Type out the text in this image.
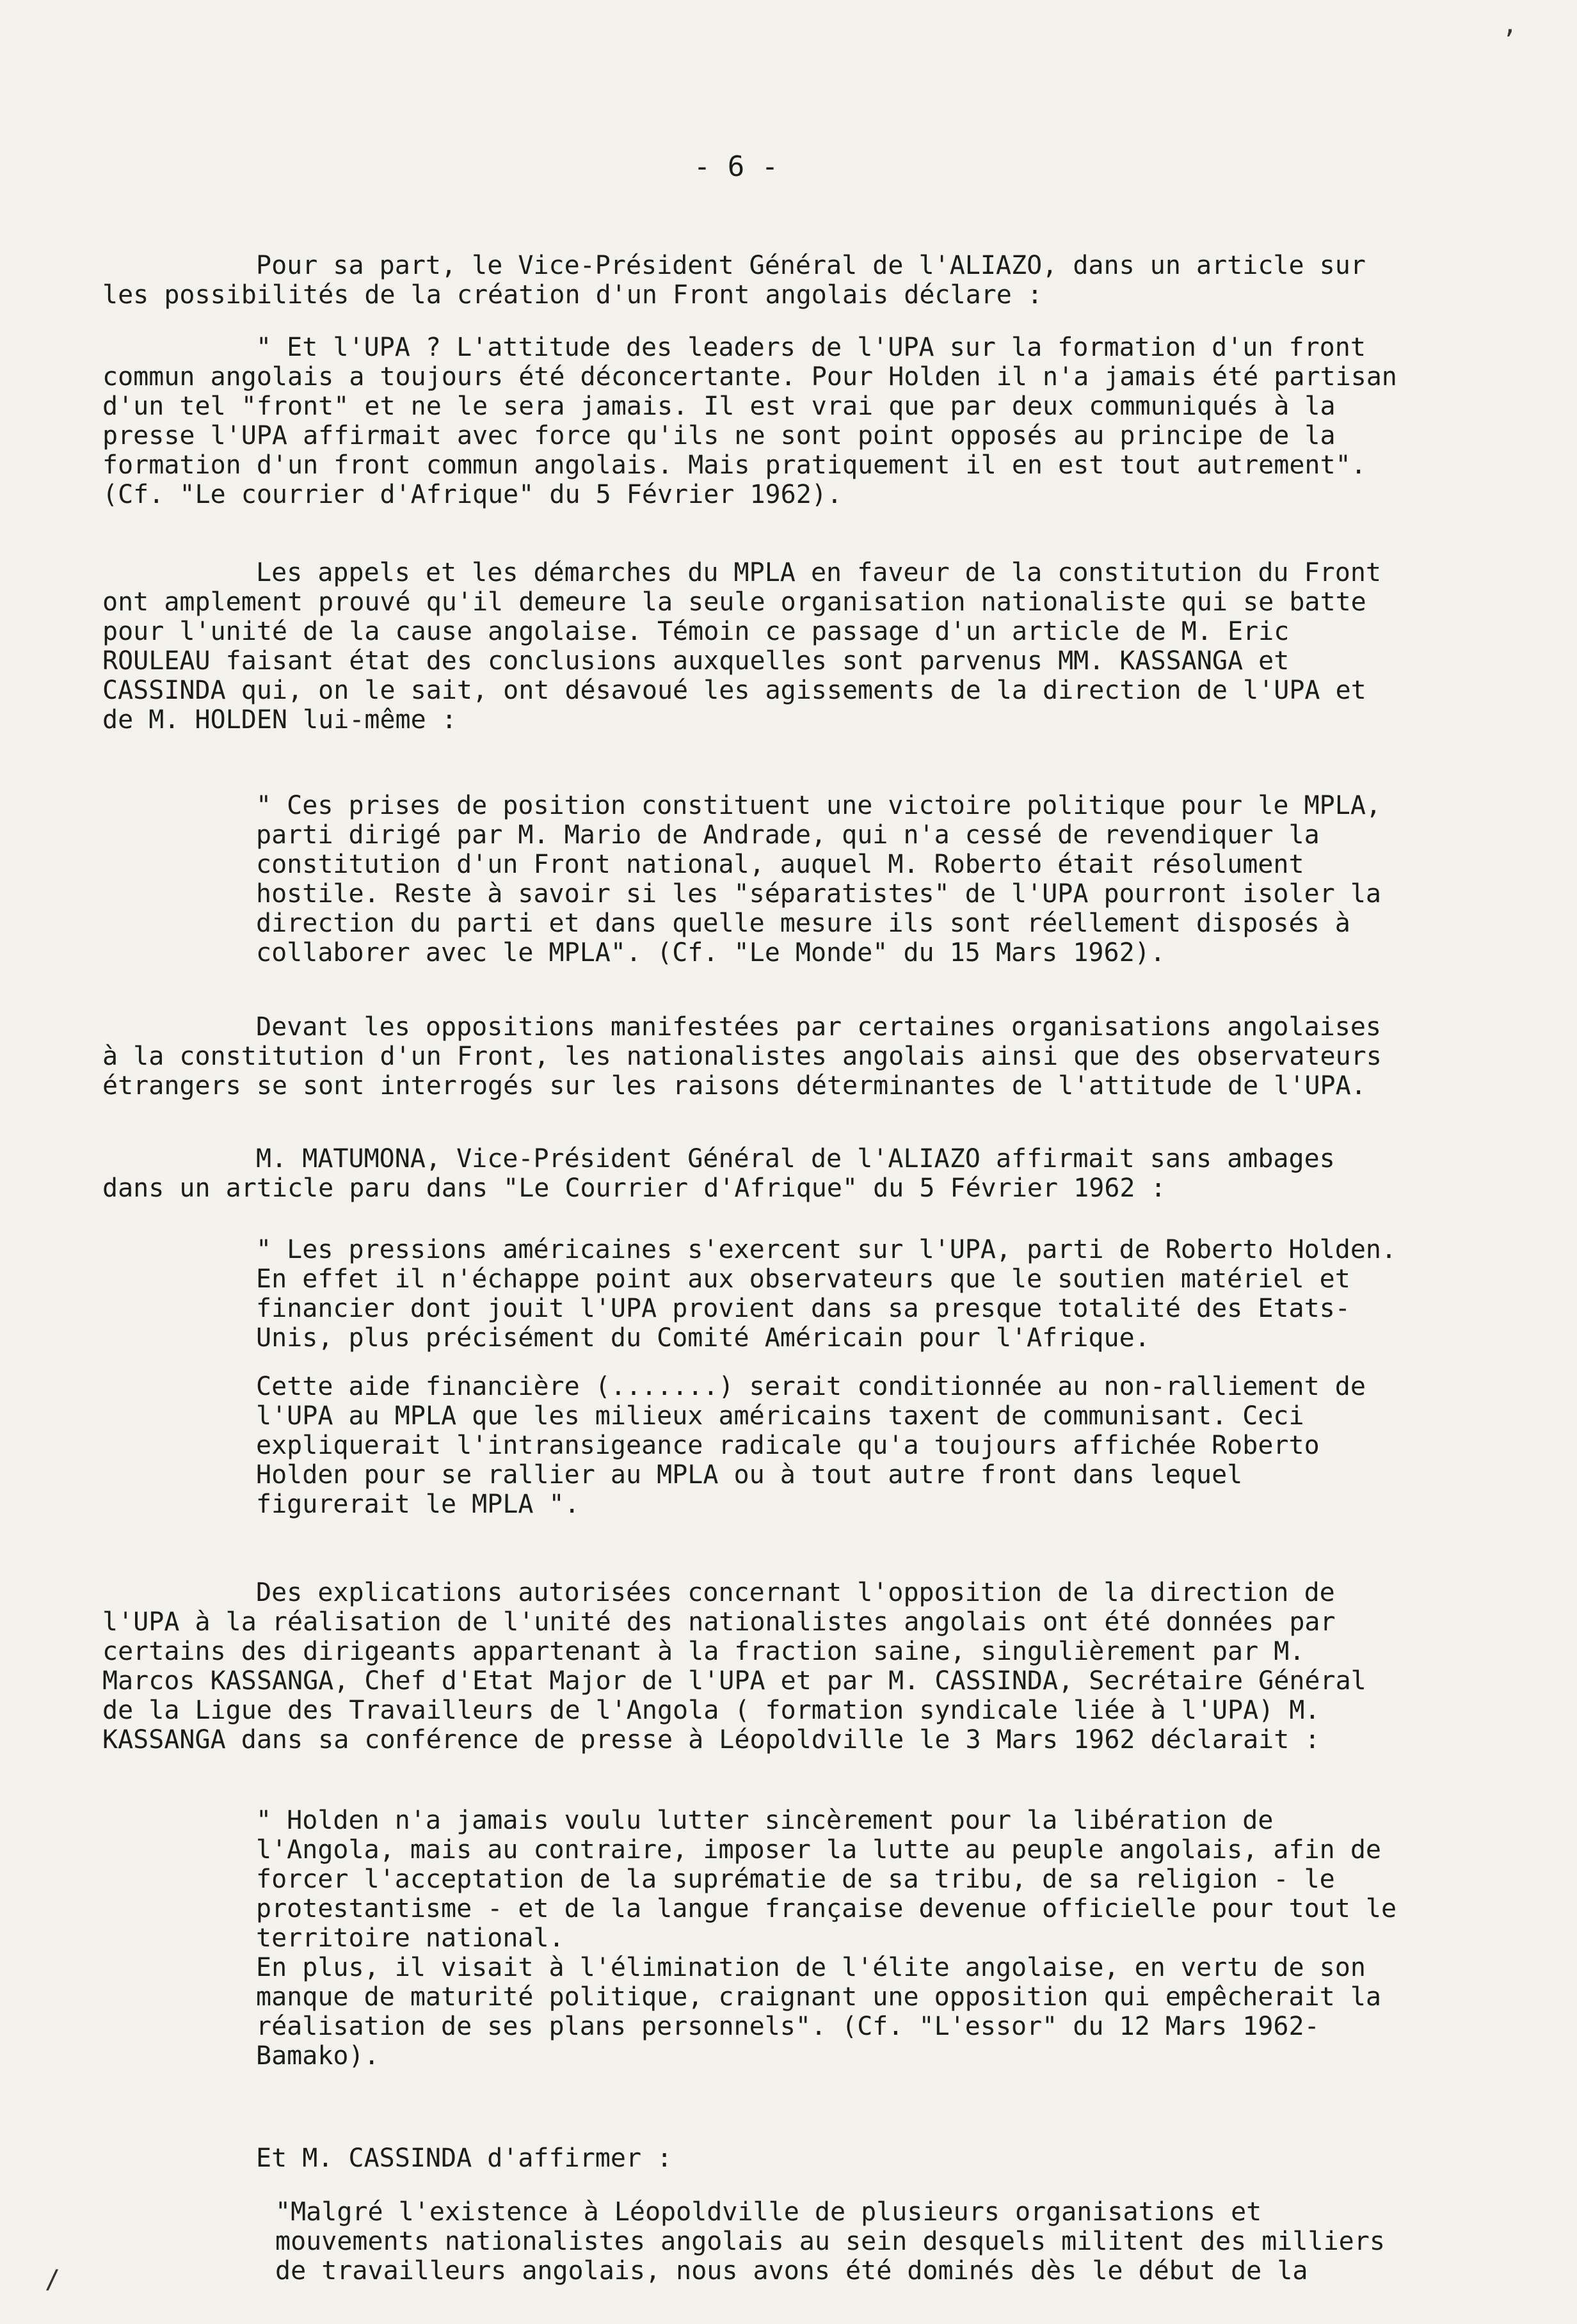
- 6 -

Pour sa part, le Vice-Président Général de l'ALIAZO, dans un article sur les possibilités de la création d'un Front angolais déclare :

" Et l'UPA ? L'attitude des leaders de l'UPA sur la formation d'un front commun angolais a toujours été déconcertante. Pour Holden il n'a jamais été partisan d'un tel "front" et ne le sera jamais. Il est vrai que par deux communiqués à la presse l'UPA affirmait avec force qu'ils ne sont point opposés au principe de la formation d'un front commun angolais. Mais pratiquement il en est tout autrement". (Cf. "Le courrier d'Afrique" du 5 Février 1962).

Les appels et les démarches du MPLA en faveur de la constitution du Front ont amplement prouvé qu'il demeure la seule organisation nationaliste qui se batte pour l'unité de la cause angolaise. Témoin ce passage d'un article de M. Eric ROULEAU faisant état des conclusions auxquelles sont parvenus MM. KASSANGA et CASSINDA qui, on le sait, ont désavoué les agissements de la direction de l'UPA et de M. HOLDEN lui-même :

" Ces prises de position constituent une victoire politique pour le MPLA, parti dirigé par M. Mario de Andrade, qui n'a cessé de revendiquer la constitution d'un Front national, auquel M. Roberto était résolument hostile. Reste à savoir si les "séparatistes" de l'UPA pourront isoler la direction du parti et dans quelle mesure ils sont réellement disposés à collaborer avec le MPLA". (Cf. "Le Monde" du 15 Mars 1962).

Devant les oppositions manifestées par certaines organisations angolaises à la constitution d'un Front, les nationalistes angolais ainsi que des observateurs étrangers se sont interrogés sur les raisons déterminantes de l'attitude de l'UPA.

M. MATUMONA, Vice-Président Général de l'ALIAZO affirmait sans ambages dans un article paru dans "Le Courrier d'Afrique" du 5 Février 1962 :

" Les pressions américaines s'exercent sur l'UPA, parti de Roberto Holden. En effet il n'échappe point aux observateurs que le soutien matériel et financier dont jouit l'UPA provient dans sa presque totalité des Etats-Unis, plus précisément du Comité Américain pour l'Afrique.

Cette aide financière (.......) serait conditionnée au non-ralliement de l'UPA au MPLA que les milieux américains taxent de communisant. Ceci expliquerait l'intransigeance radicale qu'a toujours affichée Roberto Holden pour se rallier au MPLA ou à tout autre front dans lequel figurerait le MPLA ".

Des explications autorisées concernant l'opposition de la direction de l'UPA à la réalisation de l'unité des nationalistes angolais ont été données par certains des dirigeants appartenant à la fraction saine, singulièrement par M. Marcos KASSANGA, Chef d'Etat Major de l'UPA et par M. CASSINDA, Secrétaire Général de la Ligue des Travailleurs de l'Angola ( formation syndicale liée à l'UPA) M. KASSANGA dans sa conférence de presse à Léopoldville le 3 Mars 1962 déclarait :

" Holden n'a jamais voulu lutter sincèrement pour la libération de l'Angola, mais au contraire, imposer la lutte au peuple angolais, afin de forcer l'acceptation de la suprématie de sa tribu, de sa religion - le protestantisme - et de la langue française devenue officielle pour tout le territoire national.

En plus, il visait à l'élimination de l'élite angolaise, en vertu de son manque de maturité politique, craignant une opposition qui empêcherait la réalisation de ses plans personnels". (Cf. "L'essor" du 12 Mars 1962-Bamako).

Et M. CASSINDA d'affirmer :

"Malgré l'existence à Léopoldville de plusieurs organisations et mouvements nationalistes angolais au sein desquels militent des milliers de travailleurs angolais, nous avons été dominés dès le début de la

’
/
